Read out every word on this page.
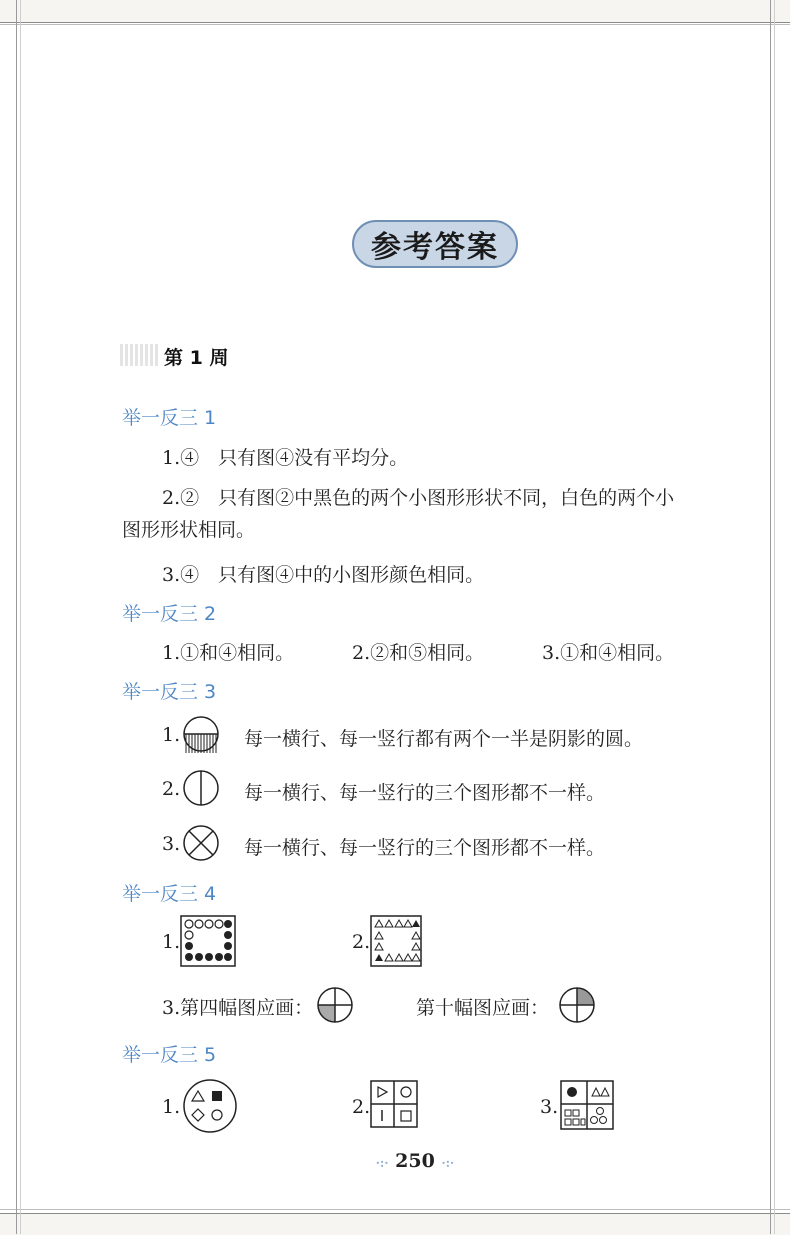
参考答案
第 1 周
举一反三 1
1.④　只有图④没有平均分。
2.②　只有图②中黑色的两个小图形形状不同，白色的两个小
图形形状相同。
3.④　只有图④中的小图形颜色相同。
举一反三 2
1.①和④相同。	2.②和⑤相同。	3.①和④相同。
举一反三 3
1.	每一横行、每一竖行都有两个一半是阴影的圆。
2.	每一横行、每一竖行的三个图形都不一样。
3.	每一横行、每一竖行的三个图形都不一样。
举一反三 4
1.	2.
3.第四幅图应画：	第十幅图应画：
举一反三 5
1.	2.	3.
·:· 250 ·:·
